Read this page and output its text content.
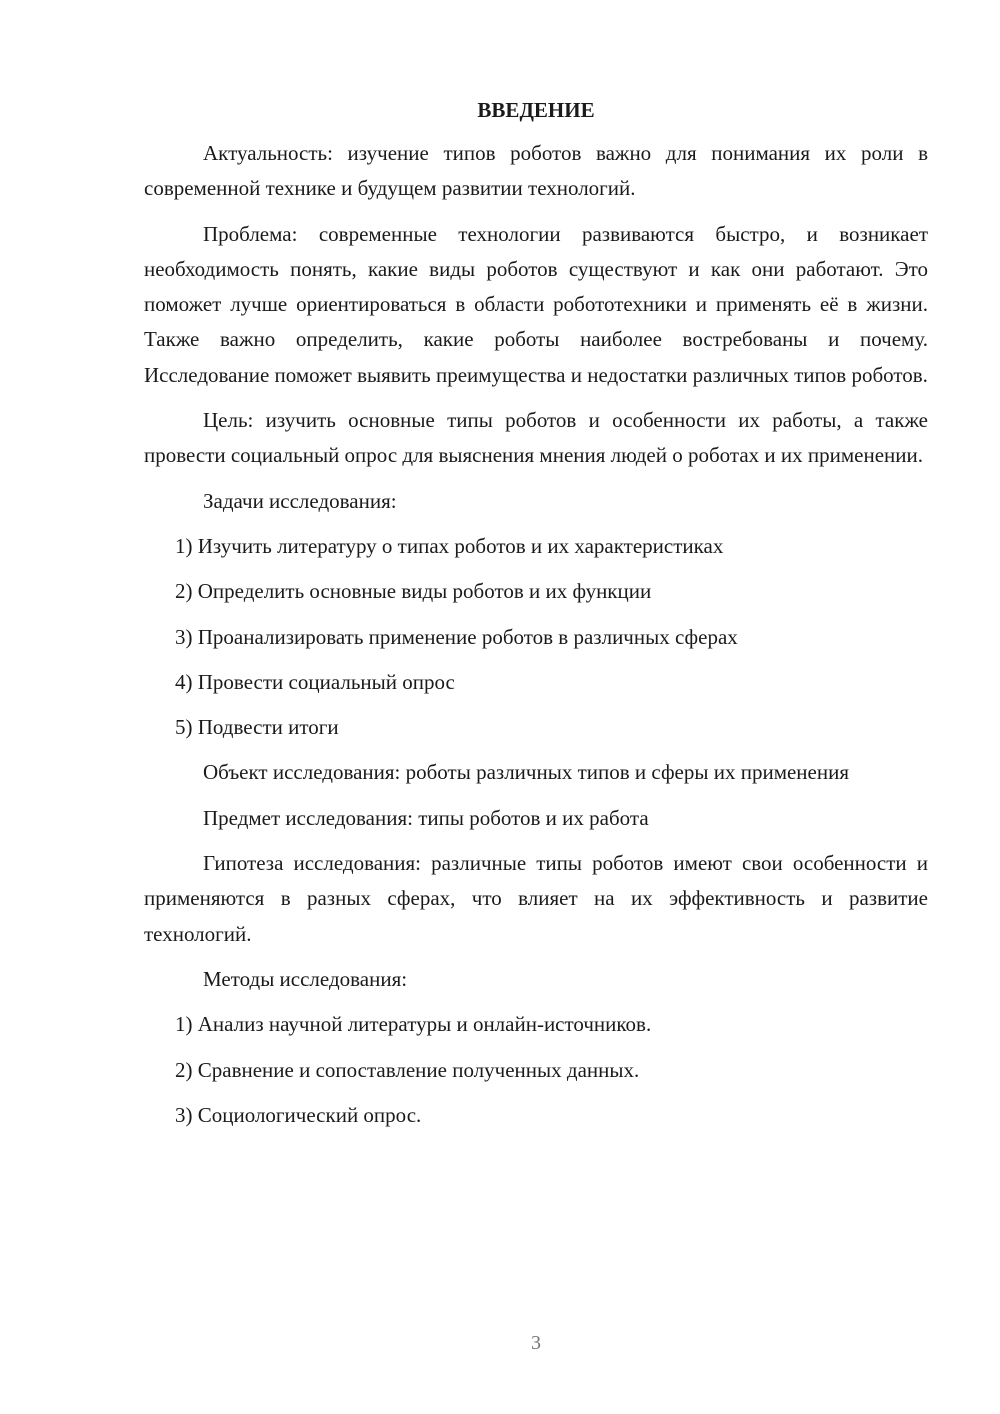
ВВЕДЕНИЕ

Актуальность: изучение типов роботов важно для понимания их роли в современной технике и будущем развитии технологий.

Проблема: современные технологии развиваются быстро, и возникает необходимость понять, какие виды роботов существуют и как они работают. Это поможет лучше ориентироваться в области робототехники и применять её в жизни. Также важно определить, какие роботы наиболее востребованы и почему. Исследование поможет выявить преимущества и недостатки различных типов роботов.

Цель: изучить основные типы роботов и особенности их работы, а также провести социальный опрос для выяснения мнения людей о роботах и их применении.

Задачи исследования:

1) Изучить литературу о типах роботов и их характеристиках
2) Определить основные виды роботов и их функции
3) Проанализировать применение роботов в различных сферах
4) Провести социальный опрос
5) Подвести итоги

Объект исследования: роботы различных типов и сферы их применения

Предмет исследования: типы роботов и их работа

Гипотеза исследования: различные типы роботов имеют свои особенности и применяются в разных сферах, что влияет на их эффективность и развитие технологий.

Методы исследования:

1) Анализ научной литературы и онлайн-источников.
2) Сравнение и сопоставление полученных данных.
3) Социологический опрос.
3
